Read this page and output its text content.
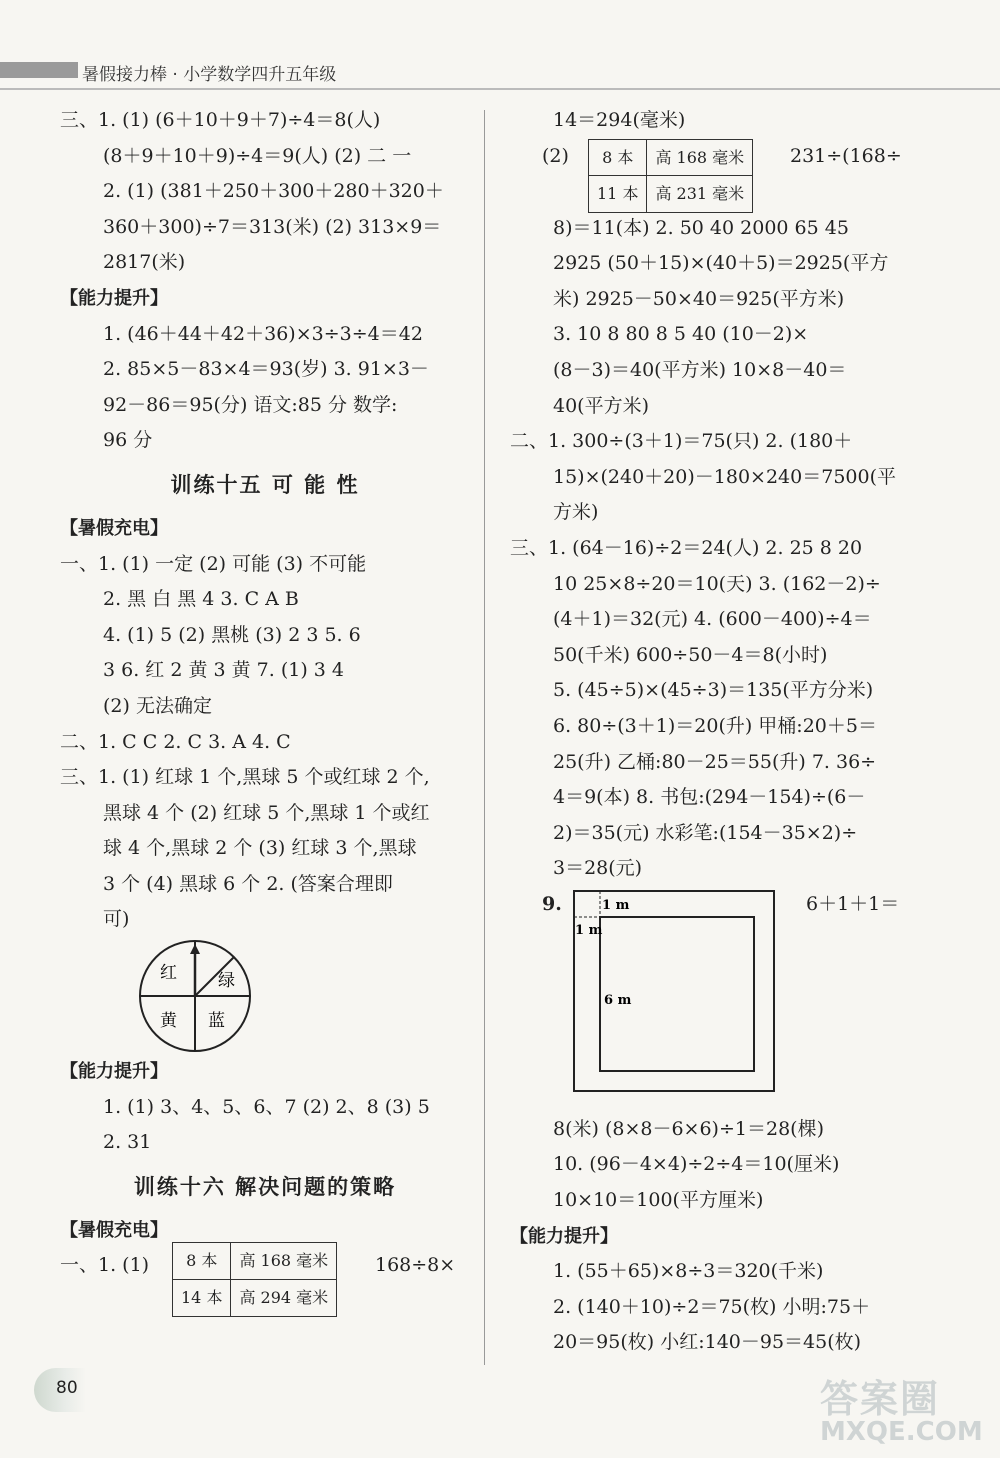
暑假接力棒 · 小学数学四升五年级
三、1. (1) (6＋10＋9＋7)÷4＝8(人)
(8＋9＋10＋9)÷4＝9(人) (2) 二 一
2. (1) (381＋250＋300＋280＋320＋
360＋300)÷7＝313(米) (2) 313×9＝
2817(米)
【能力提升】
1. (46＋44＋42＋36)×3÷3÷4＝42
2. 85×5－83×4＝93(岁) 3. 91×3－
92－86＝95(分) 语文:85 分 数学:
96 分
训练十五 可 能 性
【暑假充电】
一、1. (1) 一定 (2) 可能 (3) 不可能
2. 黑 白 黑 4 3. C A B
4. (1) 5 (2) 黑桃 (3) 2 3 5. 6
3 6. 红 2 黄 3 黄 7. (1) 3 4
(2) 无法确定
二、1. C C 2. C 3. A 4. C
三、1. (1) 红球 1 个,黑球 5 个或红球 2 个,
黑球 4 个 (2) 红球 5 个,黑球 1 个或红
球 4 个,黑球 2 个 (3) 红球 3 个,黑球
3 个 (4) 黑球 6 个 2. (答案合理即
可)
红 绿
黄 蓝
【能力提升】
1. (1) 3、4、5、6、7 (2) 2、8 (3) 5
2. 31
训练十六 解决问题的策略
【暑假充电】
一、1. (1) 8 本	高 168 毫米
14 本	高 294 毫米
168÷8×
14＝294(毫米)
(2) 8 本	高 168 毫米
11 本	高 231 毫米
231÷(168÷
8)＝11(本) 2. 50 40 2000 65 45
2925 (50＋15)×(40＋5)＝2925(平方
米) 2925－50×40＝925(平方米)
3. 10 8 80 8 5 40 (10－2)×
(8－3)＝40(平方米) 10×8－40＝
40(平方米)
二、1. 300÷(3＋1)＝75(只) 2. (180＋
15)×(240＋20)－180×240＝7500(平
方米)
三、1. (64－16)÷2＝24(人) 2. 25 8 20
10 25×8÷20＝10(天) 3. (162－2)÷
(4＋1)＝32(元) 4. (600－400)÷4＝
50(千米) 600÷50－4＝8(小时)
5. (45÷5)×(45÷3)＝135(平方分米)
6. 80÷(3＋1)＝20(升) 甲桶:20＋5＝
25(升) 乙桶:80－25＝55(升) 7. 36÷
4＝9(本) 8. 书包:(294－154)÷(6－
2)＝35(元) 水彩笔:(154－35×2)÷
3＝28(元)
9.	1 m
1 m
6 m
6＋1＋1＝
8(米) (8×8－6×6)÷1＝28(棵)
10. (96－4×4)÷2÷4＝10(厘米)
10×10＝100(平方厘米)
【能力提升】
1. (55＋65)×8÷3＝320(千米)
2. (140＋10)÷2＝75(枚) 小明:75＋
20＝95(枚) 小红:140－95＝45(枚)
80	答案圈
MXQE.COM
